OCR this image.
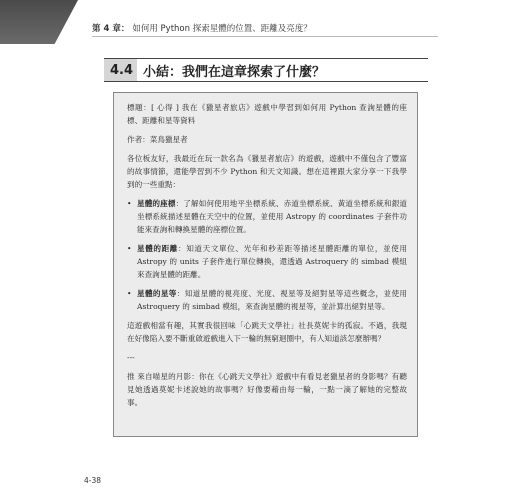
第 4 章： 如何用 Python 探索星體的位置、距離及亮度？
4.4 小結：我們在這章探索了什麼？

標題：[ 心得 ] 我在《獵星者旅店》遊戲中學習到如何用 Python 查詢星體的座標、距離和星等資料

作者：菜鳥獵星者

各位板友好，我最近在玩一款名為《獵星者旅店》的遊戲，遊戲中不僅包含了豐富的故事情節，還能學習到不少 Python 和天文知識。想在這裡跟大家分享一下我學到的一些重點：

• 星體的座標：了解如何使用地平坐標系統、赤道坐標系統、黃道坐標系統和銀道坐標系統描述星體在天空中的位置，並使用 Astropy 的 coordinates 子套件功能來查詢和轉換星體的座標位置。
• 星體的距離：知道天文單位、光年和秒差距等描述星體距離的單位，並使用 Astropy 的 units 子套件進行單位轉換，還透過 Astroquery 的 simbad 模組來查詢星體的距離。
• 星體的星等：知道星體的視亮度、光度、視星等及絕對星等這些概念，並使用 Astroquery 的 simbad 模組，來查詢星體的視星等，並計算出絕對星等。

這遊戲相當有趣，其實我很回味「心跳天文學社」社長莫妮卡的孤寂。不過，我現在好像陷入要不斷重啟遊戲進入下一輪的無窮迴圈中，有人知道該怎麼辦嗎？

---

推 來自喵星的月影：你在《心跳天文學社》遊戲中有看見老獵星者的身影嗎？有聽見她透過莫妮卡述說她的故事嗎？好像要藉由每一輪，一點一滴了解她的完整故事。

4-38
